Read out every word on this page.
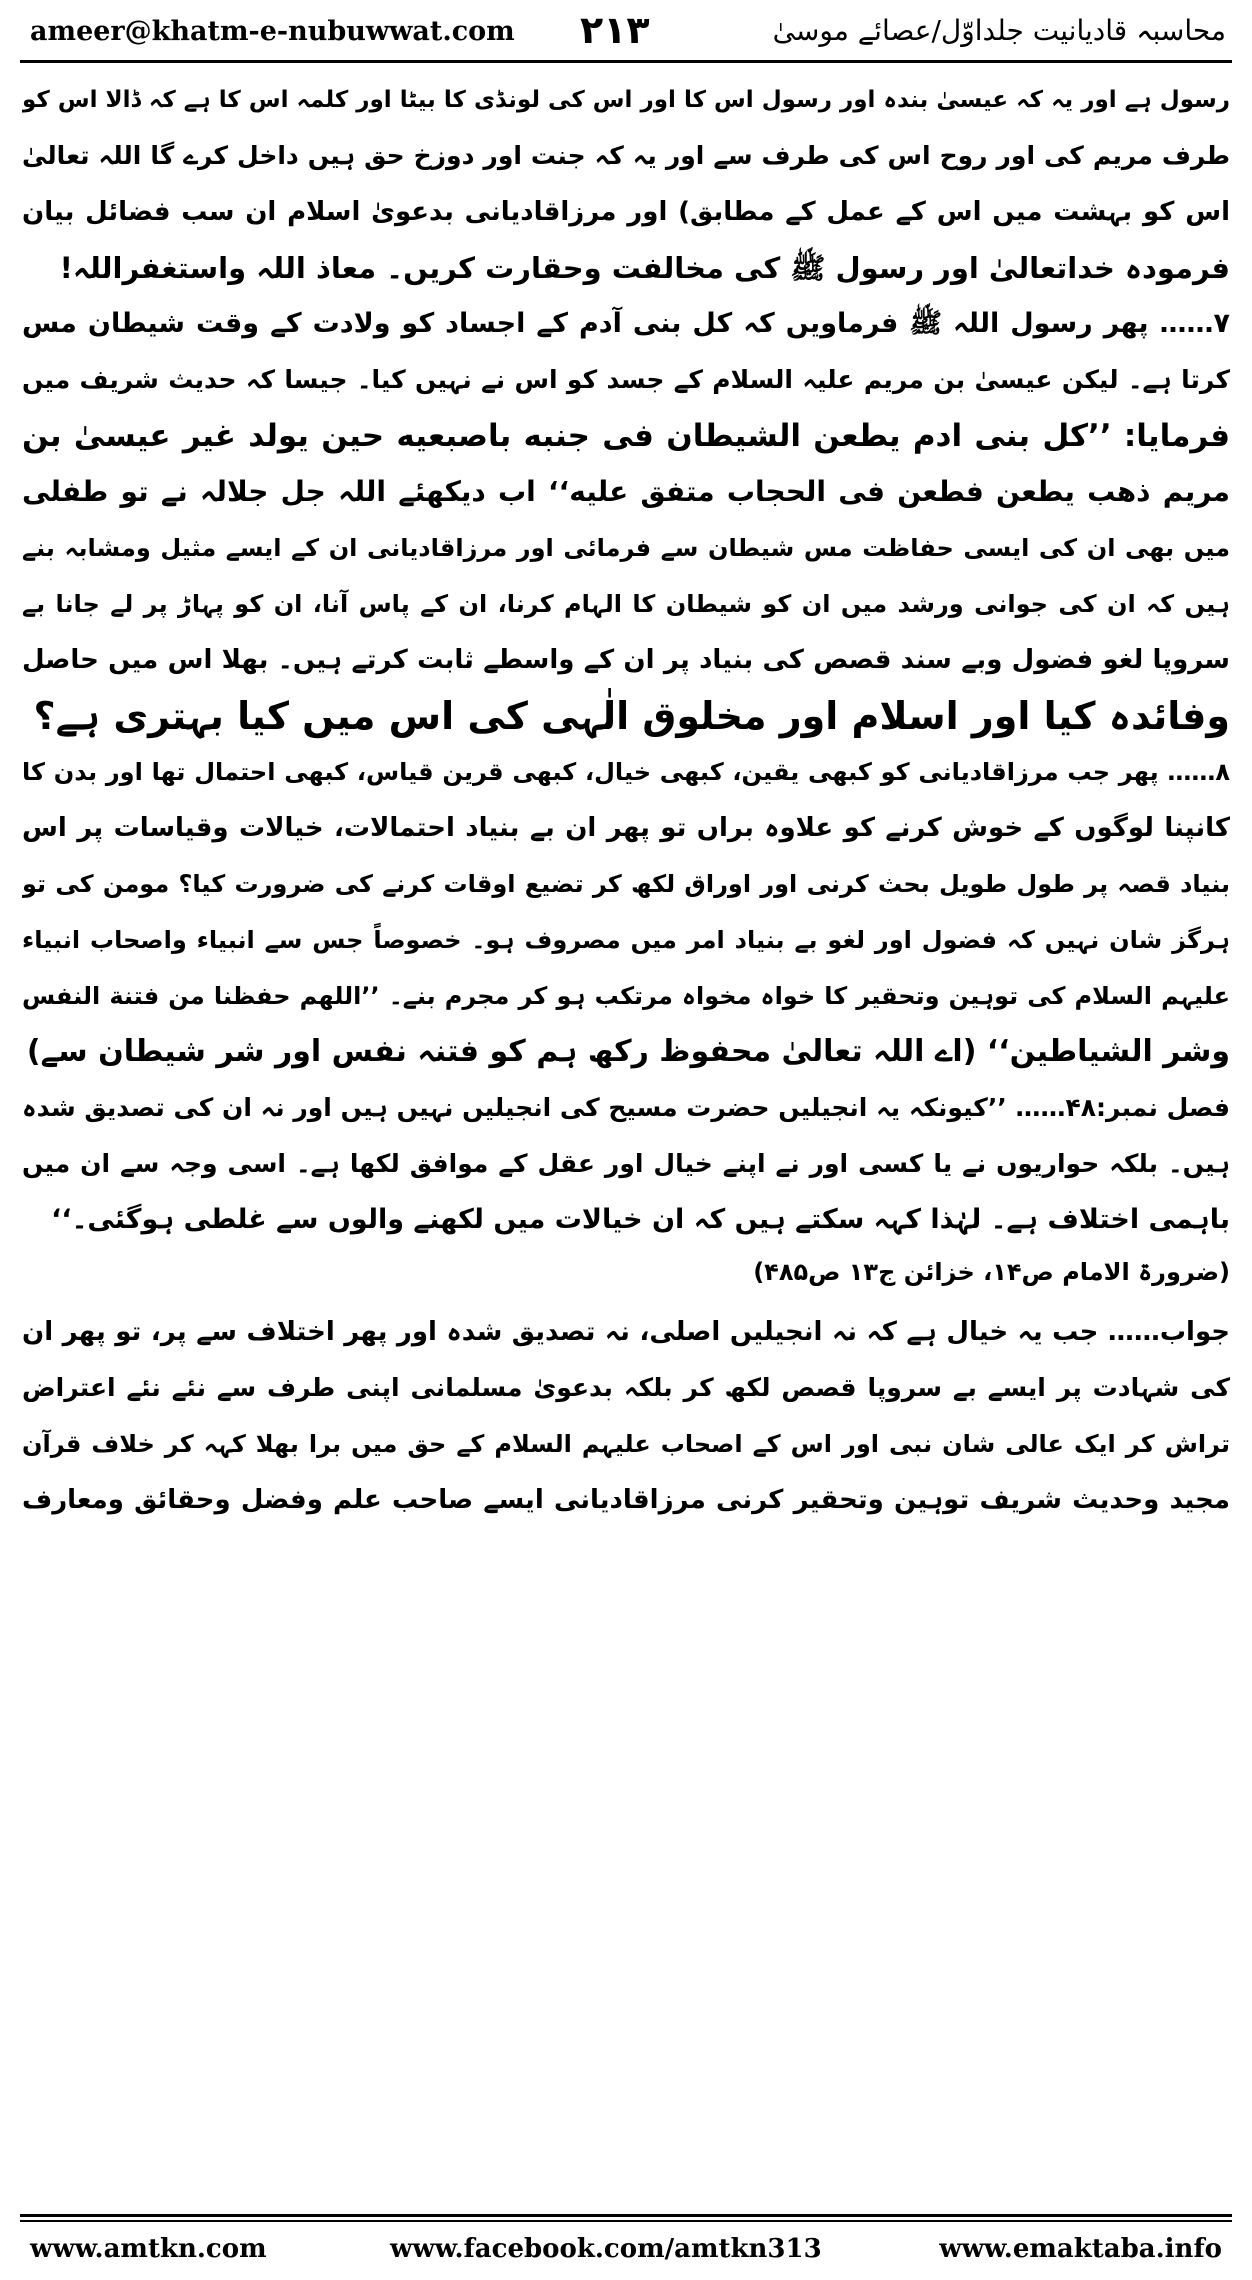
ameer@khatm-e-nubuwwat.com ۲۱۳	محاسبہ قادیانیت جلداوّل/عصائے موسیٰ
رسول ہے اور یہ کہ عیسیٰ بندہ اور رسول اس کا اور اس کی لونڈی کا بیٹا اور کلمہ اس کا ہے کہ ڈالا اس کو
طرف مریم کی اور روح اس کی طرف سے اور یہ کہ جنت اور دوزخ حق ہیں داخل کرے گا اللہ تعالیٰ
اس کو بہشت میں اس کے عمل کے مطابق) اور مرزاقادیانی بدعویٰ اسلام ان سب فضائل بیان
فرمودہ خداتعالیٰ اور رسول ﷺ کی مخالفت وحقارت کریں۔ معاذ اللہ واستغفراللہ!
۷…… پھر رسول اللہ ﷺ فرماویں کہ کل بنی آدم کے اجساد کو ولادت کے وقت شیطان مس
کرتا ہے۔ لیکن عیسیٰ بن مریم علیہ السلام کے جسد کو اس نے نہیں کیا۔ جیسا کہ حدیث شریف میں
فرمایا: ’’کل بنی ادم یطعن الشیطان فی جنبه باصبعیه حین یولد غیر عیسیٰ بن
مریم ذهب یطعن فطعن فی الحجاب متفق علیه‘‘ اب دیکھئے اللہ جل جلالہ نے تو طفلی
میں بھی ان کی ایسی حفاظت مس شیطان سے فرمائی اور مرزاقادیانی ان کے ایسے مثیل ومشابہ بنے
ہیں کہ ان کی جوانی ورشد میں ان کو شیطان کا الہام کرنا، ان کے پاس آنا، ان کو پہاڑ پر لے جانا بے
سروپا لغو فضول وبے سند قصص کی بنیاد پر ان کے واسطے ثابت کرتے ہیں۔ بھلا اس میں حاصل
وفائدہ کیا اور اسلام اور مخلوق الٰہی کی اس میں کیا بہتری ہے؟
۸…… پھر جب مرزاقادیانی کو کبھی یقین، کبھی خیال، کبھی قرین قیاس، کبھی احتمال تھا اور بدن کا
کانپنا لوگوں کے خوش کرنے کو علاوہ براں تو پھر ان بے بنیاد احتمالات، خیالات وقیاسات پر اس
بنیاد قصہ پر طول طویل بحث کرنی اور اوراق لکھ کر تضیع اوقات کرنے کی ضرورت کیا؟ مومن کی تو
ہرگز شان نہیں کہ فضول اور لغو بے بنیاد امر میں مصروف ہو۔ خصوصاً جس سے انبیاء واصحاب انبیاء
علیہم السلام کی توہین وتحقیر کا خواہ مخواہ مرتکب ہو کر مجرم بنے۔ ’’اللهم حفظنا من فتنة النفس
وشر الشیاطین‘‘ (اے اللہ تعالیٰ محفوظ رکھ ہم کو فتنہ نفس اور شر شیطان سے)
فصل نمبر:۴۸…… ’’کیونکہ یہ انجیلیں حضرت مسیح کی انجیلیں نہیں ہیں اور نہ ان کی تصدیق شدہ
ہیں۔ بلکہ حواریوں نے یا کسی اور نے اپنے خیال اور عقل کے موافق لکھا ہے۔ اسی وجہ سے ان میں
باہمی اختلاف ہے۔ لہٰذا کہہ سکتے ہیں کہ ان خیالات میں لکھنے والوں سے غلطی ہوگئی۔‘‘
(ضرورۃ الامام ص۱۴، خزائن ج۱۳ ص۴۸۵)
جواب…… جب یہ خیال ہے کہ نہ انجیلیں اصلی، نہ تصدیق شدہ اور پھر اختلاف سے پر، تو پھر ان
کی شہادت پر ایسے بے سروپا قصص لکھ کر بلکہ بدعویٰ مسلمانی اپنی طرف سے نئے نئے اعتراض
تراش کر ایک عالی شان نبی اور اس کے اصحاب علیہم السلام کے حق میں برا بھلا کہہ کر خلاف قرآن
مجید وحدیث شریف توہین وتحقیر کرنی مرزاقادیانی ایسے صاحب علم وفضل وحقائق ومعارف
www.amtkn.com	www.facebook.com/amtkn313	www.emaktaba.info
